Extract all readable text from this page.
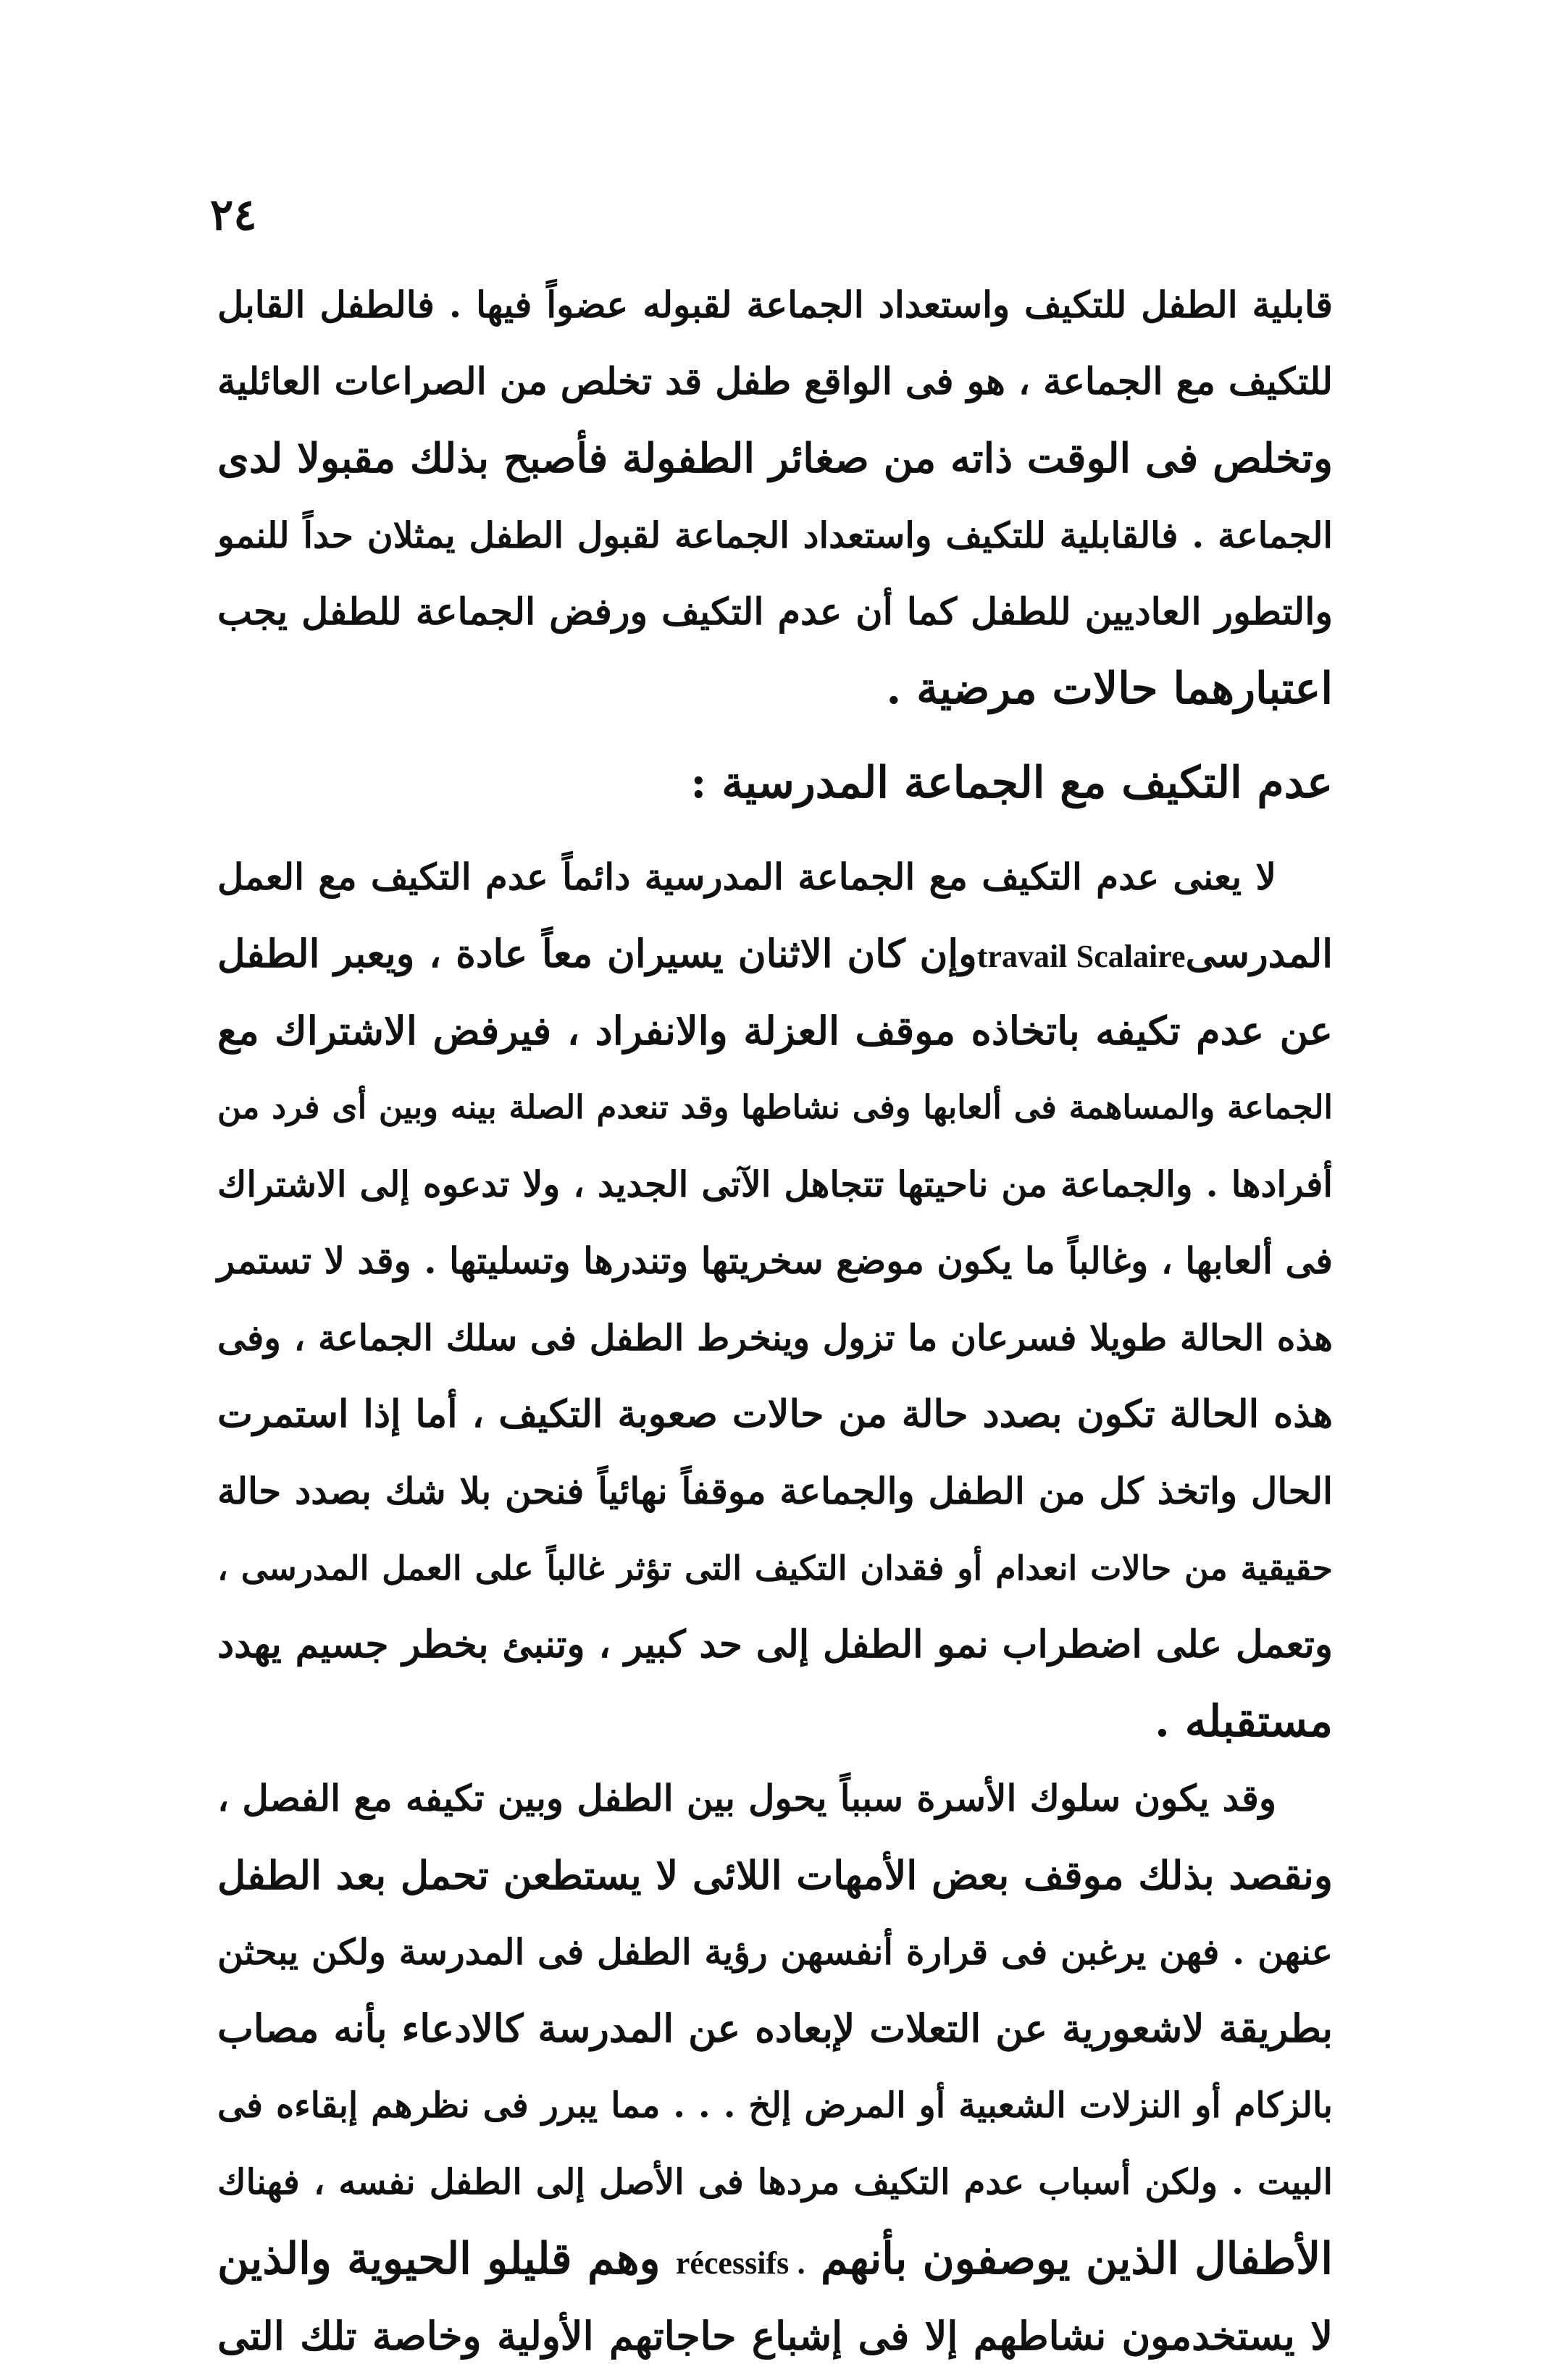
٢٤
قابلية الطفل للتكيف واستعداد الجماعة لقبوله عضواً فيها . فالطفل القابل
للتكيف مع الجماعة ، هو فى الواقع طفل قد تخلص من الصراعات العائلية
وتخلص فى الوقت ذاته من صغائر الطفولة فأصبح بذلك مقبولا لدى
الجماعة . فالقابلية للتكيف واستعداد الجماعة لقبول الطفل يمثلان حداً للنمو
والتطور العاديين للطفل كما أن عدم التكيف ورفض الجماعة للطفل يجب
اعتبارهما حالات مرضية .
عدم التكيف مع الجماعة المدرسية :
لا يعنى عدم التكيف مع الجماعة المدرسية دائماً عدم التكيف مع العمل
المدرسىtravail Scalaireوإن كان الاثنان يسيران معاً عادة ، ويعبر الطفل
عن عدم تكيفه باتخاذه موقف العزلة والانفراد ، فيرفض الاشتراك مع
الجماعة والمساهمة فى ألعابها وفى نشاطها وقد تنعدم الصلة بينه وبين أى فرد من
أفرادها . والجماعة من ناحيتها تتجاهل الآتى الجديد ، ولا تدعوه إلى الاشتراك
فى ألعابها ، وغالباً ما يكون موضع سخريتها وتندرها وتسليتها . وقد لا تستمر
هذه الحالة طويلا فسرعان ما تزول وينخرط الطفل فى سلك الجماعة ، وفى
هذه الحالة تكون بصدد حالة من حالات صعوبة التكيف ، أما إذا استمرت
الحال واتخذ كل من الطفل والجماعة موقفاً نهائياً فنحن بلا شك بصدد حالة
حقيقية من حالات انعدام أو فقدان التكيف التى تؤثر غالباً على العمل المدرسى ،
وتعمل على اضطراب نمو الطفل إلى حد كبير ، وتنبئ بخطر جسيم يهدد
مستقبله .
وقد يكون سلوك الأسرة سبباً يحول بين الطفل وبين تكيفه مع الفصل ،
ونقصد بذلك موقف بعض الأمهات اللائى لا يستطعن تحمل بعد الطفل
عنهن . فهن يرغبن فى قرارة أنفسهن رؤية الطفل فى المدرسة ولكن يبحثن
بطريقة لاشعورية عن التعلات لإبعاده عن المدرسة كالادعاء بأنه مصاب
بالزكام أو النزلات الشعبية أو المرض إلخ . . . مما يبرر فى نظرهم إبقاءه فى
البيت . ولكن أسباب عدم التكيف مردها فى الأصل إلى الطفل نفسه ، فهناك
الأطفال الذين يوصفون بأنهم récessifs . وهم قليلو الحيوية والذين
لا يستخدمون نشاطهم إلا فى إشباع حاجاتهم الأولية وخاصة تلك التى
